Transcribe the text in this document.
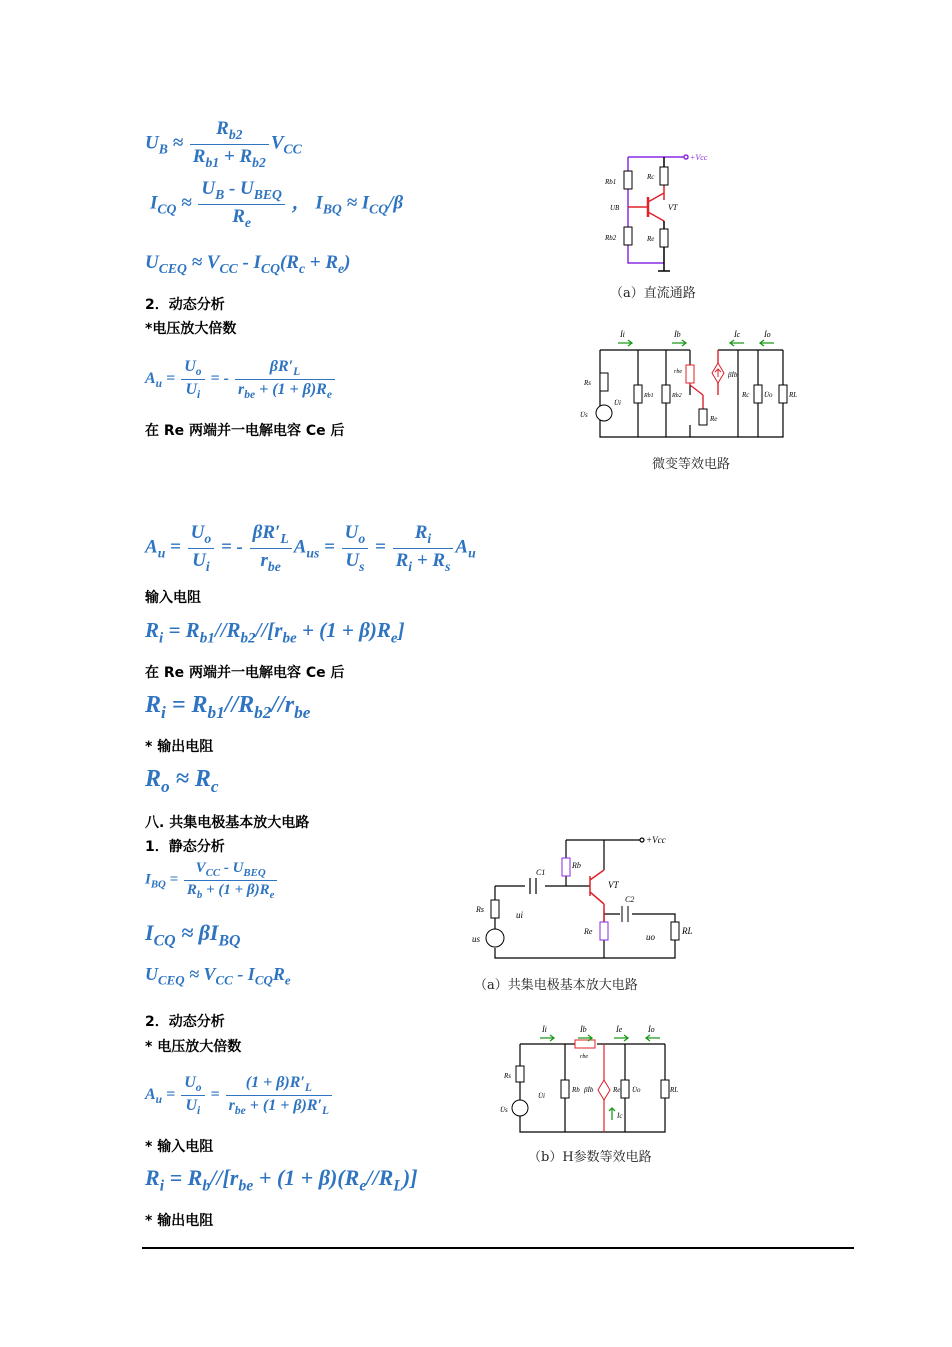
$U_B \approx \frac{R_{b2}}{R_{b1} + R_{b2}} V_{CC}$
$I_{CQ} \approx \frac{U_B - U_{BEQ}}{R_e}$ ， $I_{BQ} \approx I_{CQ}/\beta$
$U_{CEQ} \approx V_{CC} - I_{CQ}(R_c + R_e)$
2．动态分析
*电压放大倍数
$A_u = \frac{U_o}{U_i}$ = - $\frac{\beta R'_L}{r_{be} + (1 + \beta)R_e}$
在 Re 两端并一电解电容 Ce 后
$A_u = \frac{U_o}{U_i}$ = - $\frac{\beta R'_L}{r_{be}} A_{us} = \frac{U_o}{U_s} = \frac{R_i}{R_i + R_s} A_u$
输入电阻
$R_i = R_{b1}//R_{b2}//[r_{be} + (1 + \beta)R_e]$
在 Re 两端并一电解电容 Ce 后
$R_i = R_{b1}//R_{b2}//r_{be}$
* 输出电阻
$R_o \approx R_c$
八. 共集电极基本放大电路
1．静态分析
$I_{BQ} = \frac{V_{CC} - U_{BEQ}}{R_b + (1 + \beta)R_e}$
$I_{CQ} \approx \beta I_{BQ}$
$U_{CEQ} \approx V_{CC} - I_{CQ}R_e$
2．动态分析
* 电压放大倍数
$A_u = \frac{U_o}{U_i} = \frac{(1 + \beta)R'_L}{r_{be} + (1 + \beta)R'_L}$
* 输入电阻
$R_i = R_b//[r_{be} + (1 + \beta)(R_e//R_L)]$
* 输出电阻
+Vcc
Rb1
Rc
UB	VT
Rb2	Re
（a）直流通路
İi	İb	İc	İo
Rs
U̇s
U̇i
Rb1	Rb2
rbe	βİb
Re
Rc U̇o RL
微变等效电路
+Vcc
Rb
C1
VT
C2
Rs
ui
us
Re
uo
RL
（a）共集电极基本放大电路
İi	İb	İe	İo
rbe
Rs
U̇s
U̇i
Rb βİb	Re U̇o	RL
İc
（b）H参数等效电路
